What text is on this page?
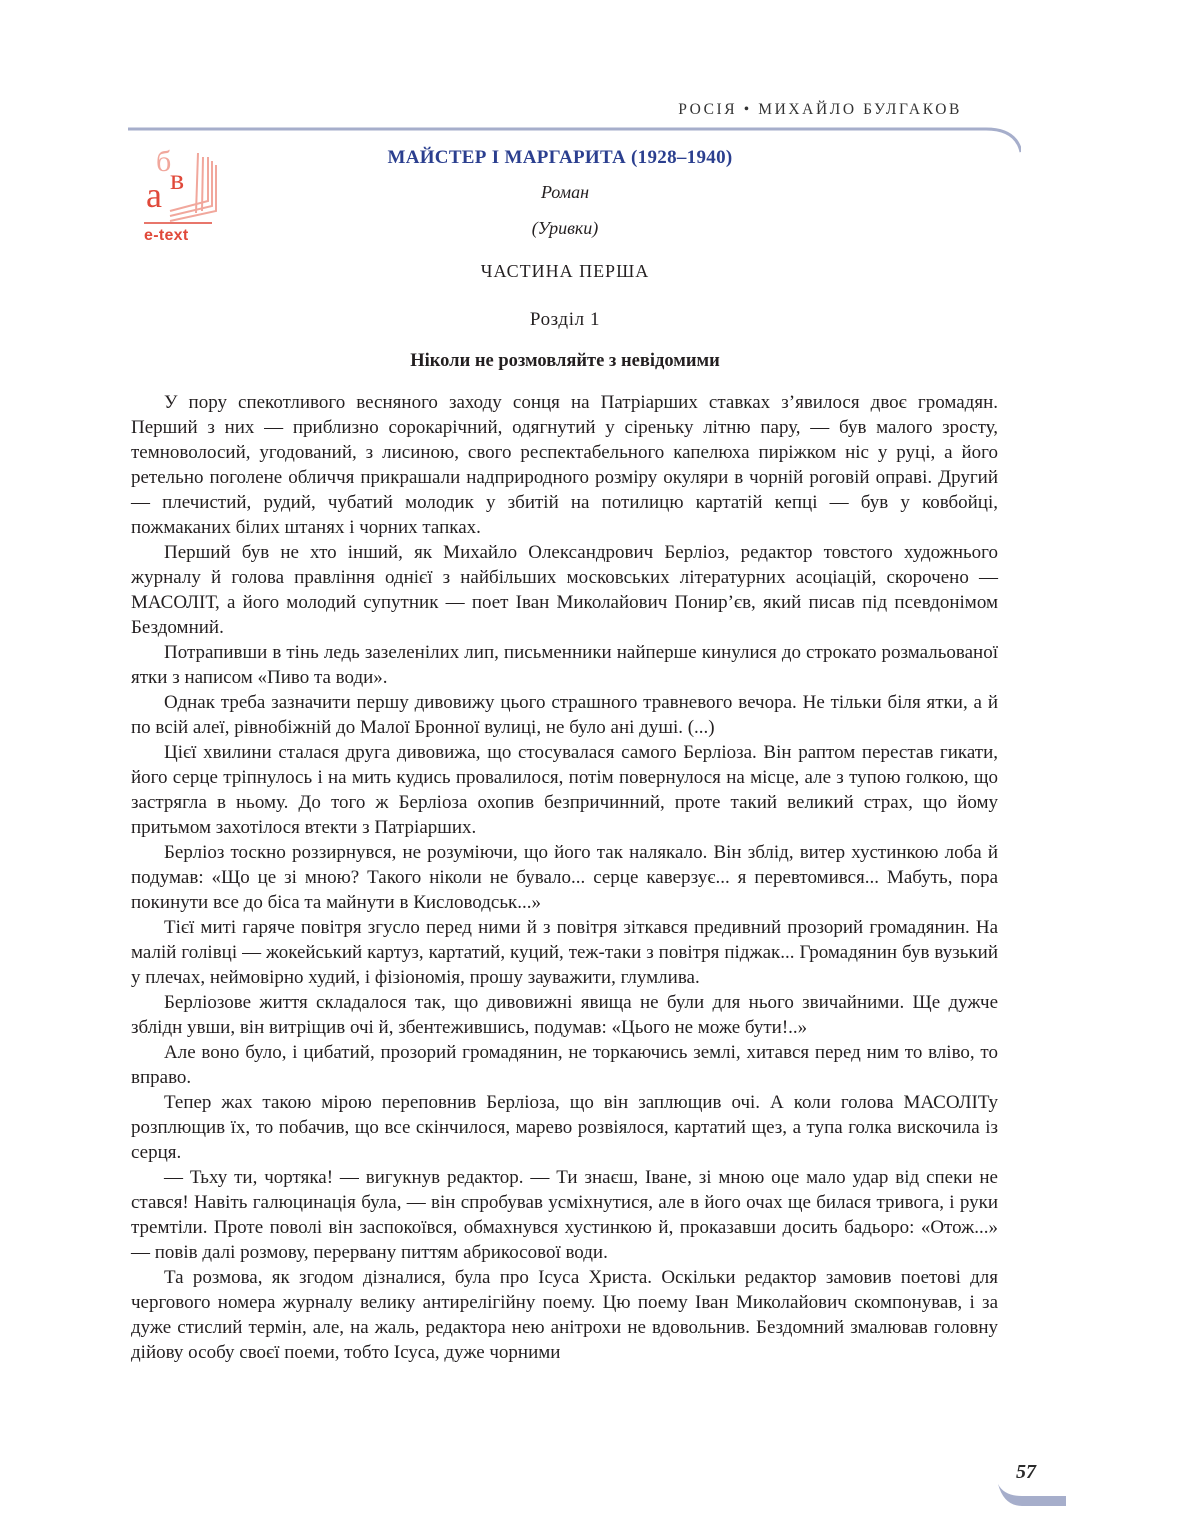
РОСІЯ • МИХАЙЛО БУЛГАКОВ
б
в
а
e-text
МАЙСТЕР І МАРГАРИТА (1928–1940)
Роман
(Уривки)
ЧАСТИНА ПЕРША
Розділ 1
Ніколи не розмовляйте з невідомими

У пору спекотливого весняного заходу сонця на Патріарших ставках з’явилося двоє громадян. Перший з них — приблизно сорокарічний, одягнутий у сіреньку літню пару, — був малого зросту, темноволосий, угодований, з лисиною, свого респектабельного капелюха пиріжком ніс у руці, а його ретельно поголене обличчя прикрашали надприродного розміру окуляри в чорній роговій оправі. Другий — плечистий, рудий, чубатий молодик у збитій на потилицю картатій кепці — був у ковбойці, пожмаканих білих штанях і чорних тапках.

Перший був не хто інший, як Михайло Олександрович Берліоз, редактор товстого художнього журналу й голова правління однієї з найбільших московських літературних асоціацій, скорочено — МАСОЛІТ, а його молодий супутник — поет Іван Миколайович Понир’єв, який писав під псевдонімом Бездомний.

Потрапивши в тінь ледь зазеленілих лип, письменники найперше кинулися до строкато розмальованої ятки з написом «Пиво та води».

Однак треба зазначити першу дивовижу цього страшного травневого вечора. Не тільки біля ятки, а й по всій алеї, рівнобіжній до Малої Бронної вулиці, не було ані душі. (...)

Цієї хвилини сталася друга дивовижа, що стосувалася самого Берліоза. Він раптом перестав гикати, його серце тріпнулось і на мить кудись провалилося, потім повернулося на місце, але з тупою голкою, що застрягла в ньому. До того ж Берліоза охопив безпричинний, проте такий великий страх, що йому притьмом захотілося втекти з Патріарших.

Берліоз тоскно роззирнувся, не розуміючи, що його так налякало. Він зблід, витер хустинкою лоба й подумав: «Що це зі мною? Такого ніколи не бувало... серце каверзує... я перевтомився... Мабуть, пора покинути все до біса та майнути в Кисловодськ...»

Тієї миті гаряче повітря згусло перед ними й з повітря зіткався предивний прозорий громадянин. На малій голівці — жокейський картуз, картатий, куций, теж-таки з повітря піджак... Громадянин був вузький у плечах, неймовірно худий, і фізіономія, прошу зауважити, глумлива.

Берліозове життя складалося так, що дивовижні явища не були для нього звичайними. Ще дужче зблідн увши, він витріщив очі й, збентежившись, подумав: «Цього не може бути!..»

Але воно було, і цибатий, прозорий громадянин, не торкаючись землі, хитався перед ним то вліво, то вправо.

Тепер жах такою мірою переповнив Берліоза, що він заплющив очі. А коли голова МАСОЛІТу розплющив їх, то побачив, що все скінчилося, марево розвіялося, картатий щез, а тупа голка вискочила із серця.

— Тьху ти, чортяка! — вигукнув редактор. — Ти знаєш, Іване, зі мною оце мало удар від спеки не стався! Навіть галюцинація була, — він спробував усміхнутися, але в його очах ще билася тривога, і руки тремтіли. Проте поволі він заспокоївся, обмахнувся хустинкою й, проказавши досить бадьоро: «Отож...» — повів далі розмову, перервану питтям абрикосової води.

Та розмова, як згодом дізналися, була про Ісуса Христа. Оскільки редактор замовив поетові для чергового номера журналу велику антирелігійну поему. Цю поему Іван Миколайович скомпонував, і за дуже стислий термін, але, на жаль, редактора нею анітрохи не вдовольнив. Бездомний змалював головну дійову особу своєї поеми, тобто Ісуса, дуже чорними

57
